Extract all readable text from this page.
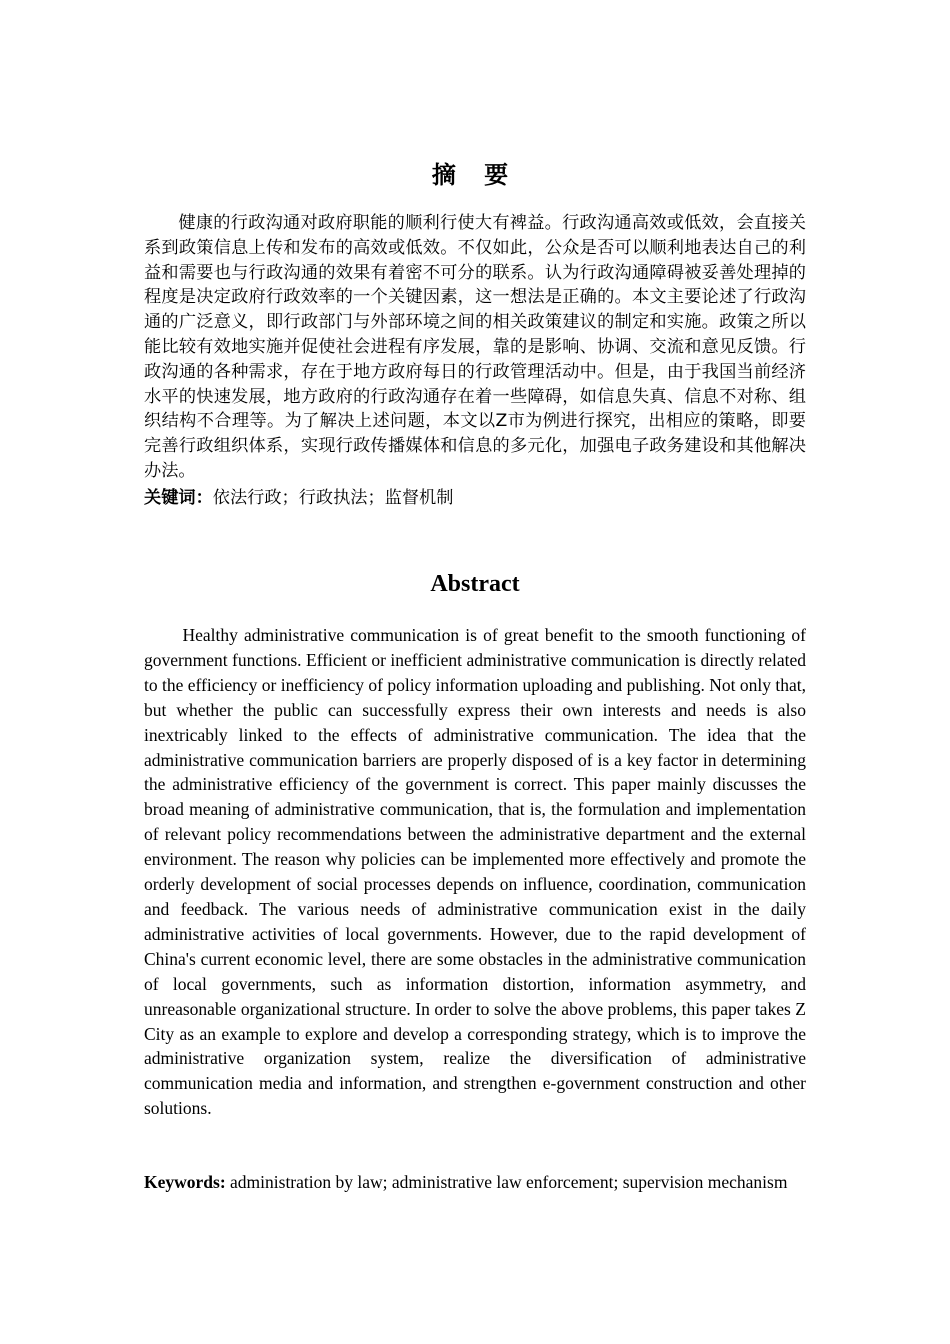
摘 要

健康的行政沟通对政府职能的顺利行使大有裨益。行政沟通高效或低效，会直接关系到政策信息上传和发布的高效或低效。不仅如此，公众是否可以顺利地表达自己的利益和需要也与行政沟通的效果有着密不可分的联系。认为行政沟通障碍被妥善处理掉的程度是决定政府行政效率的一个关键因素，这一想法是正确的。本文主要论述了行政沟通的广泛意义，即行政部门与外部环境之间的相关政策建议的制定和实施。政策之所以能比较有效地实施并促使社会进程有序发展，靠的是影响、协调、交流和意见反馈。行政沟通的各种需求，存在于地方政府每日的行政管理活动中。但是，由于我国当前经济水平的快速发展，地方政府的行政沟通存在着一些障碍，如信息失真、信息不对称、组织结构不合理等。为了解决上述问题，本文以Z市为例进行探究，出相应的策略，即要完善行政组织体系，实现行政传播媒体和信息的多元化，加强电子政务建设和其他解决办法。

关键词：依法行政；行政执法；监督机制

Abstract

Healthy administrative communication is of great benefit to the smooth functioning of government functions. Efficient or inefficient administrative communication is directly related to the efficiency or inefficiency of policy information uploading and publishing. Not only that, but whether the public can successfully express their own interests and needs is also inextricably linked to the effects of administrative communication. The idea that the administrative communication barriers are properly disposed of is a key factor in determining the administrative efficiency of the government is correct. This paper mainly discusses the broad meaning of administrative communication, that is, the formulation and implementation of relevant policy recommendations between the administrative department and the external environment. The reason why policies can be implemented more effectively and promote the orderly development of social processes depends on influence, coordination, communication and feedback. The various needs of administrative communication exist in the daily administrative activities of local governments. However, due to the rapid development of China's current economic level, there are some obstacles in the administrative communication of local governments, such as information distortion, information asymmetry, and unreasonable organizational structure. In order to solve the above problems, this paper takes Z City as an example to explore and develop a corresponding strategy, which is to improve the administrative organization system, realize the diversification of administrative communication media and information, and strengthen e-government construction and other solutions.

Keywords: administration by law; administrative law enforcement; supervision mechanism
